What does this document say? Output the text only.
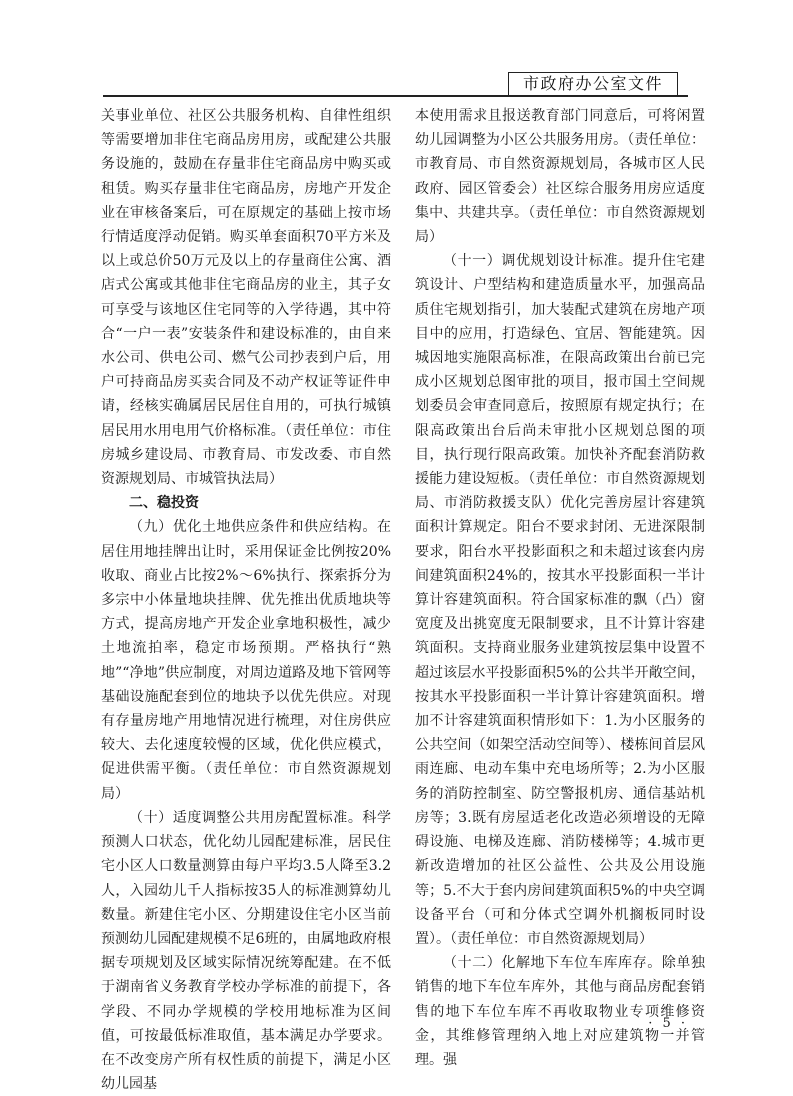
市政府办公室文件

关事业单位、社区公共服务机构、自律性组织等需要增加非住宅商品房用房，或配建公共服务设施的，鼓励在存量非住宅商品房中购买或租赁。购买存量非住宅商品房，房地产开发企业在审核备案后，可在原规定的基础上按市场行情适度浮动促销。购买单套面积70平方米及以上或总价50万元及以上的存量商住公寓、酒店式公寓或其他非住宅商品房的业主，其子女可享受与该地区住宅同等的入学待遇，其中符合“一户一表”安装条件和建设标准的，由自来水公司、供电公司、燃气公司抄表到户后，用户可持商品房买卖合同及不动产权证等证件申请，经核实确属居民居住自用的，可执行城镇居民用水用电用气价格标准。（责任单位：市住房城乡建设局、市教育局、市发改委、市自然资源规划局、市城管执法局）

二、稳投资

（九）优化土地供应条件和供应结构。在居住用地挂牌出让时，采用保证金比例按20%收取、商业占比按2%～6%执行、探索拆分为多宗中小体量地块挂牌、优先推出优质地块等方式，提高房地产开发企业拿地积极性，减少土地流拍率，稳定市场预期。严格执行“熟地”“净地”供应制度，对周边道路及地下管网等基础设施配套到位的地块予以优先供应。对现有存量房地产用地情况进行梳理，对住房供应较大、去化速度较慢的区域，优化供应模式，促进供需平衡。（责任单位：市自然资源规划局）

（十）适度调整公共用房配置标准。科学预测人口状态，优化幼儿园配建标准，居民住宅小区人口数量测算由每户平均3.5人降至3.2人，入园幼儿千人指标按35人的标准测算幼儿数量。新建住宅小区、分期建设住宅小区当前预测幼儿园配建规模不足6班的，由属地政府根据专项规划及区域实际情况统筹配建。在不低于湖南省义务教育学校办学标准的前提下，各学段、不同办学规模的学校用地标准为区间值，可按最低标准取值，基本满足办学要求。在不改变房产所有权性质的前提下，满足小区幼儿园基

本使用需求且报送教育部门同意后，可将闲置幼儿园调整为小区公共服务用房。（责任单位：市教育局、市自然资源规划局，各城市区人民政府、园区管委会）社区综合服务用房应适度集中、共建共享。（责任单位：市自然资源规划局）

（十一）调优规划设计标准。提升住宅建筑设计、户型结构和建造质量水平，加强高品质住宅规划指引，加大装配式建筑在房地产项目中的应用，打造绿色、宜居、智能建筑。因城因地实施限高标准，在限高政策出台前已完成小区规划总图审批的项目，报市国土空间规划委员会审查同意后，按照原有规定执行；在限高政策出台后尚未审批小区规划总图的项目，执行现行限高政策。加快补齐配套消防救援能力建设短板。（责任单位：市自然资源规划局、市消防救援支队）优化完善房屋计容建筑面积计算规定。阳台不要求封闭、无进深限制要求，阳台水平投影面积之和未超过该套内房间建筑面积24%的，按其水平投影面积一半计算计容建筑面积。符合国家标准的飘（凸）窗宽度及出挑宽度无限制要求，且不计算计容建筑面积。支持商业服务业建筑按层集中设置不超过该层水平投影面积5%的公共半开敞空间，按其水平投影面积一半计算计容建筑面积。增加不计容建筑面积情形如下：1.为小区服务的公共空间（如架空活动空间等）、楼栋间首层风雨连廊、电动车集中充电场所等；2.为小区服务的消防控制室、防空警报机房、通信基站机房等；3.既有房屋适老化改造必须增设的无障碍设施、电梯及连廊、消防楼梯等；4.城市更新改造增加的社区公益性、公共及公用设施等；5.不大于套内房间建筑面积5%的中央空调设备平台（可和分体式空调外机搁板同时设置）。（责任单位：市自然资源规划局）

（十二）化解地下车位车库库存。除单独销售的地下车位车库外，其他与商品房配套销售的地下车位车库不再收取物业专项维修资金，其维修管理纳入地上对应建筑物一并管理。强

· 5 ·
